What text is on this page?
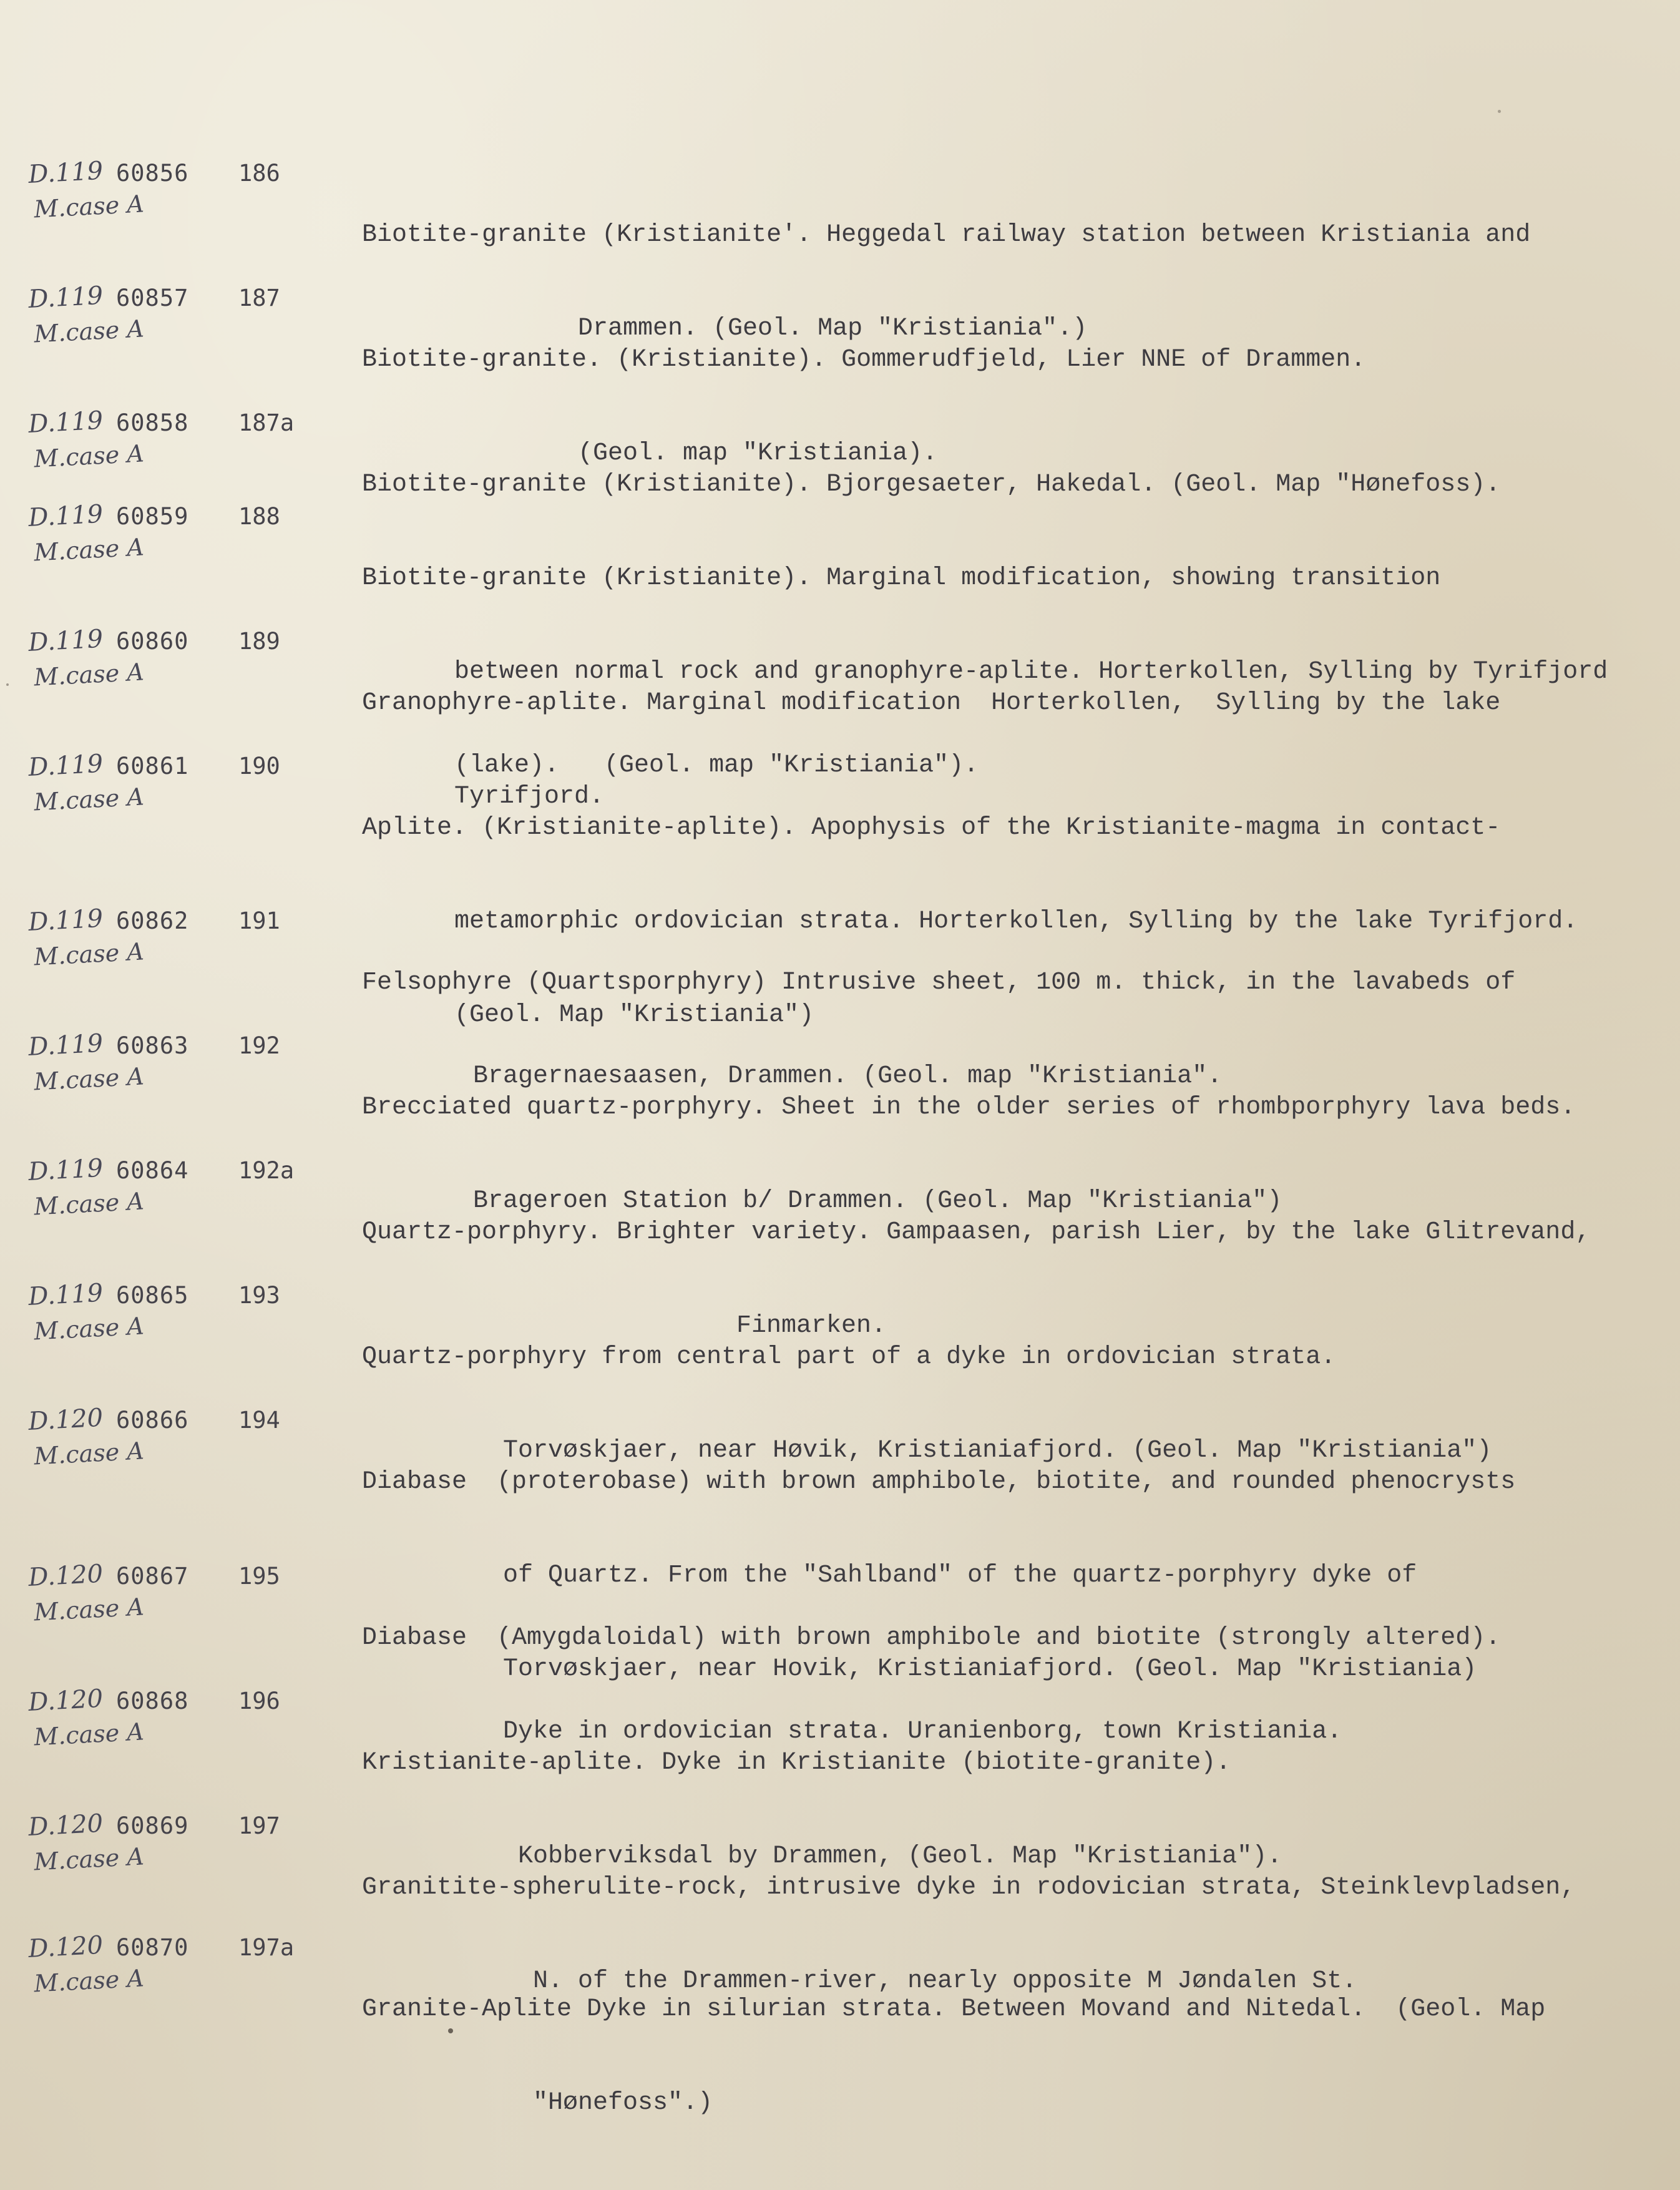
D.119
M.case A
60856 186

Biotite-granite (Kristianite'. Heggedal railway station between Kristiania and

Drammen. (Geol. Map "Kristiania".)

D.119
M.case A
60857 187

Biotite-granite. (Kristianite). Gommerudfjeld, Lier NNE of Drammen.

(Geol. map "Kristiania).

D.119
M.case A
60858 187a

Biotite-granite (Kristianite). Bjorgesaeter, Hakedal. (Geol. Map "Hønefoss).

D.119
M.case A
60859 188

Biotite-granite (Kristianite). Marginal modification, showing transition

between normal rock and granophyre-aplite. Horterkollen, Sylling by Tyrifjord

(lake).   (Geol. map "Kristiania").

D.119
M.case A
60860 189

Granophyre-aplite. Marginal modification  Horterkollen,  Sylling by the lake

Tyrifjord.

D.119
M.case A
60861 190

Aplite. (Kristianite-aplite). Apophysis of the Kristianite-magma in contact-

metamorphic ordovician strata. Horterkollen, Sylling by the lake Tyrifjord.

(Geol. Map "Kristiania")

D.119
M.case A
60862 191

Felsophyre (Quartsporphyry) Intrusive sheet, 100 m. thick, in the lavabeds of

Bragernaesaasen, Drammen. (Geol. map "Kristiania".

D.119
M.case A
60863 192

Brecciated quartz-porphyry. Sheet in the older series of rhombporphyry lava beds.

Brageroen Station b/ Drammen. (Geol. Map "Kristiania")

D.119
M.case A
60864 192a

Quartz-porphyry. Brighter variety. Gampaasen, parish Lier, by the lake Glitrevand,

Finmarken.

D.119
M.case A
60865 193

Quartz-porphyry from central part of a dyke in ordovician strata.

Torvøskjaer, near Høvik, Kristianiafjord. (Geol. Map "Kristiania")

D.120
M.case A
60866 194

Diabase  (proterobase) with brown amphibole, biotite, and rounded phenocrysts

of Quartz. From the "Sahlband" of the quartz-porphyry dyke of

Torvøskjaer, near Hovik, Kristianiafjord. (Geol. Map "Kristiania)

D.120
M.case A
60867 195

Diabase  (Amygdaloidal) with brown amphibole and biotite (strongly altered).

Dyke in ordovician strata. Uranienborg, town Kristiania.

D.120
M.case A
60868 196

Kristianite-aplite. Dyke in Kristianite (biotite-granite).

Kobberviksdal by Drammen, (Geol. Map "Kristiania").

D.120
M.case A
60869 197

Granitite-spherulite-rock, intrusive dyke in rodovician strata, Steinklevpladsen,

N. of the Drammen-river, nearly opposite M Jøndalen St.

D.120
M.case A
60870 197a

Granite-Aplite Dyke in silurian strata. Between Movand and Nitedal.  (Geol. Map

"Hønefoss".)
